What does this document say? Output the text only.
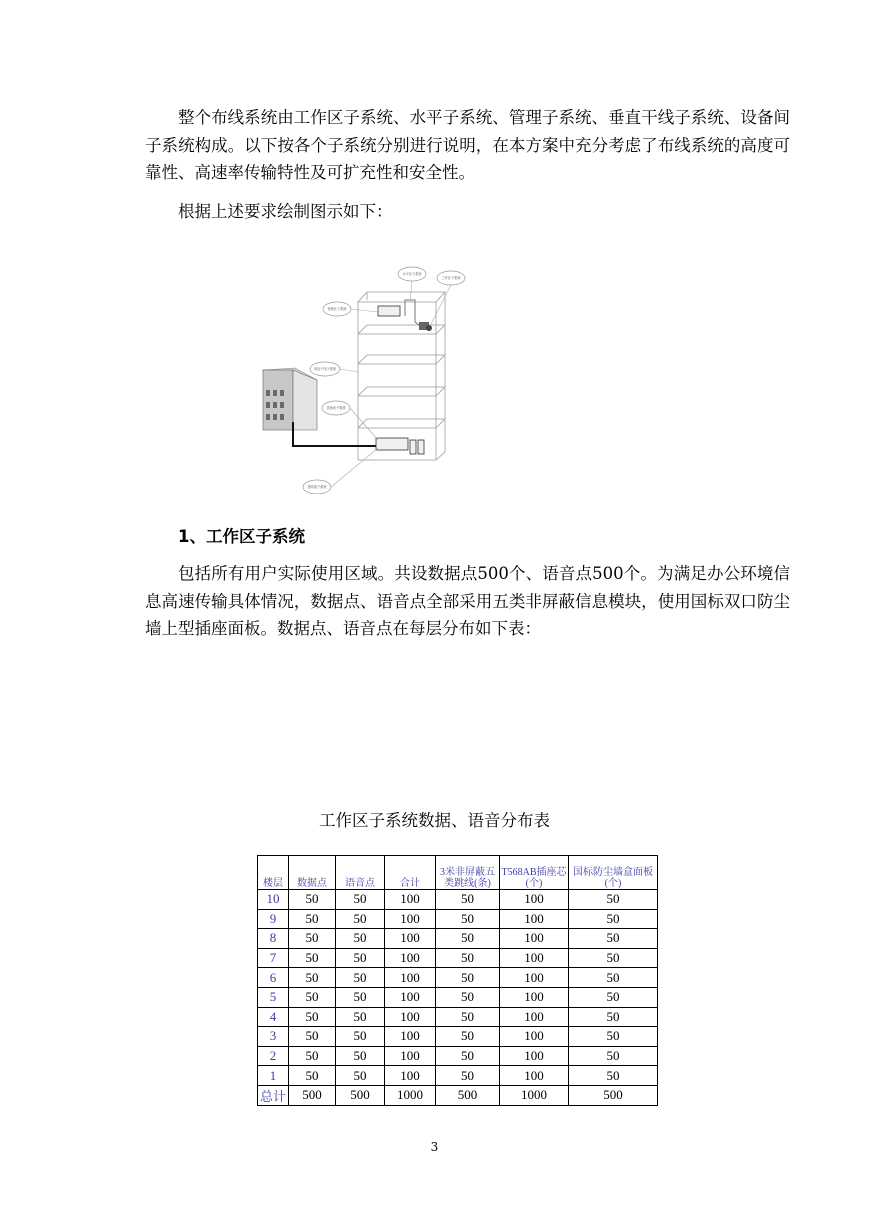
整个布线系统由工作区子系统、水平子系统、管理子系统、垂直干线子系统、设备间子系统构成。以下按各个子系统分别进行说明，在本方案中充分考虑了布线系统的高度可靠性、高速率传输特性及可扩充性和安全性。

根据上述要求绘制图示如下：

水平区子系统
工作区子系统
管理区子系统
垂直干线子系统
设备间子系统
建筑群子系统

1、工作区子系统

包括所有用户实际使用区域。共设数据点500个、语音点500个。为满足办公环境信息高速传输具体情况，数据点、语音点全部采用五类非屏蔽信息模块，使用国标双口防尘墙上型插座面板。数据点、语音点在每层分布如下表：

工作区子系统数据、语音分布表
楼层	数据点	语音点	合计	3米非屏蔽五类跳线(条)	T568AB插座芯(个)	国标防尘墙盒面板(个)
10	50	50	100	50	100	50
9	50	50	100	50	100	50
8	50	50	100	50	100	50
7	50	50	100	50	100	50
6	50	50	100	50	100	50
5	50	50	100	50	100	50
4	50	50	100	50	100	50
3	50	50	100	50	100	50
2	50	50	100	50	100	50
1	50	50	100	50	100	50
总计	500	500	1000	500	1000	500
3
